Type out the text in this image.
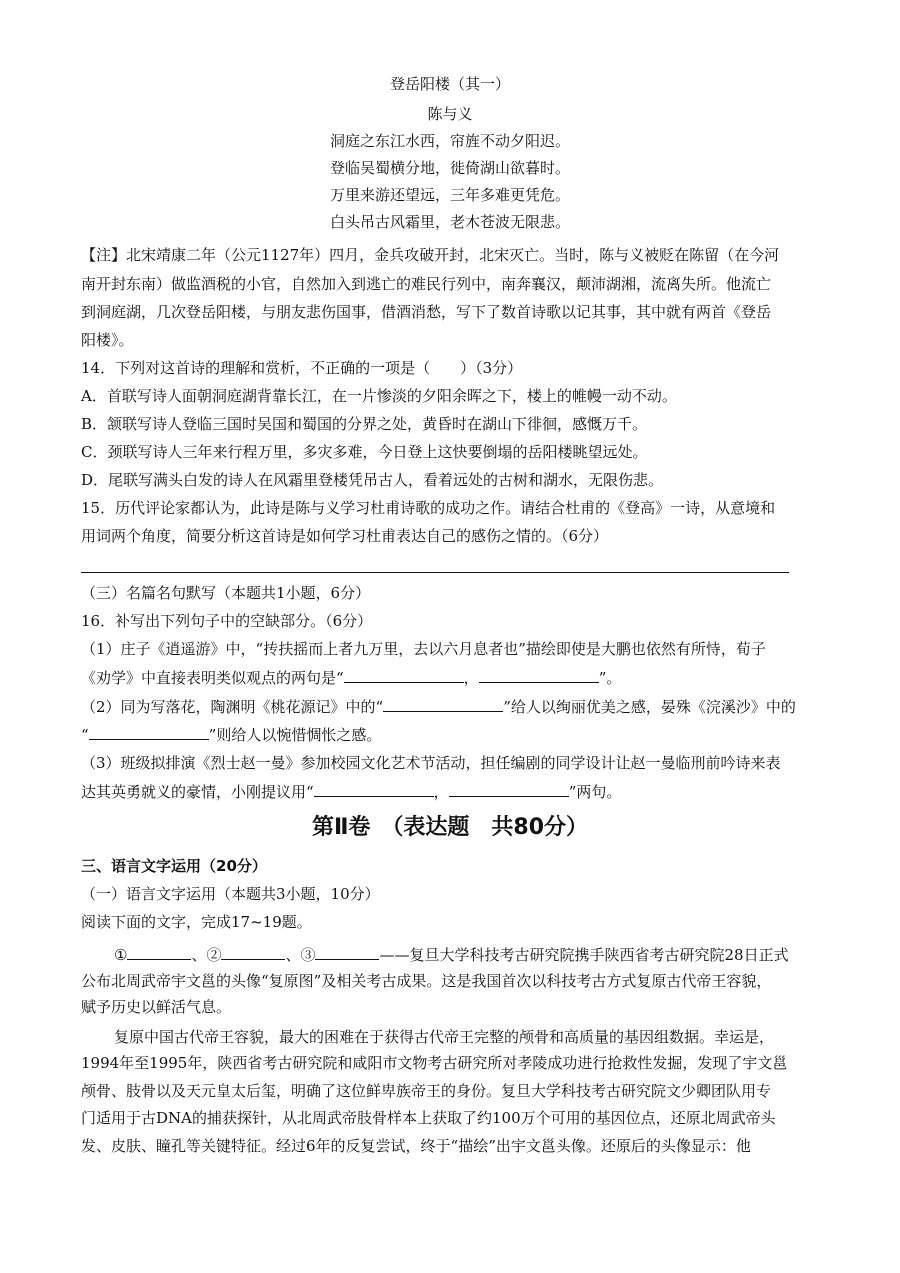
登岳阳楼（其一）
陈与义
洞庭之东江水西，帘旌不动夕阳迟。
登临吴蜀横分地，徙倚湖山欲暮时。
万里来游还望远，三年多难更凭危。
白头吊古风霜里，老木苍波无限悲。
【注】北宋靖康二年（公元1127年）四月，金兵攻破开封，北宋灭亡。当时，陈与义被贬在陈留（在今河
南开封东南）做监酒税的小官，自然加入到逃亡的难民行列中，南奔襄汉，颠沛湖湘，流离失所。他流亡
到洞庭湖，几次登岳阳楼，与朋友悲伤国事，借酒消愁，写下了数首诗歌以记其事，其中就有两首《登岳
阳楼》。
14．下列对这首诗的理解和赏析，不正确的一项是（　　）（3分）
A．首联写诗人面朝洞庭湖背靠长江，在一片惨淡的夕阳余晖之下，楼上的帷幔一动不动。
B．颔联写诗人登临三国时吴国和蜀国的分界之处，黄昏时在湖山下徘徊，感慨万千。
C．颈联写诗人三年来行程万里，多灾多难，今日登上这快要倒塌的岳阳楼眺望远处。
D．尾联写满头白发的诗人在风霜里登楼凭吊古人，看着远处的古树和湖水，无限伤悲。
15．历代评论家都认为，此诗是陈与义学习杜甫诗歌的成功之作。请结合杜甫的《登高》一诗，从意境和
用词两个角度，简要分析这首诗是如何学习杜甫表达自己的感伤之情的。（6分）
（三）名篇名句默写（本题共1小题，6分）
16．补写出下列句子中的空缺部分。（6分）
（1）庄子《逍遥游》中，“抟扶摇而上者九万里，去以六月息者也”描绘即使是大鹏也依然有所恃，荀子
《劝学》中直接表明类似观点的两句是“	，	”。
（2）同为写落花，陶渊明《桃花源记》中的“	”给人以绚丽优美之感，晏殊《浣溪沙》中的
“	”则给人以惋惜惆怅之感。
（3）班级拟排演《烈士赵一曼》参加校园文化艺术节活动，担任编剧的同学设计让赵一曼临刑前吟诗来表
达其英勇就义的豪情，小刚提议用“	，	”两句。
第Ⅱ卷　（表达题　共80分）
三、语言文字运用（20分）
（一）语言文字运用（本题共3小题，10分）
阅读下面的文字，完成17~19题。
①	、②	、③	——复旦大学科技考古研究院携手陕西省考古研究院28日正式
公布北周武帝宇文邕的头像“复原图”及相关考古成果。这是我国首次以科技考古方式复原古代帝王容貌，
赋予历史以鲜活气息。
复原中国古代帝王容貌，最大的困难在于获得古代帝王完整的颅骨和高质量的基因组数据。幸运是，
1994年至1995年，陕西省考古研究院和咸阳市文物考古研究所对孝陵成功进行抢救性发掘，发现了宇文邕
颅骨、肢骨以及天元皇太后玺，明确了这位鲜卑族帝王的身份。复旦大学科技考古研究院文少卿团队用专
门适用于古DNA的捕获探针，从北周武帝肢骨样本上获取了约100万个可用的基因位点，还原北周武帝头
发、皮肤、瞳孔等关键特征。经过6年的反复尝试，终于“描绘”出宇文邕头像。还原后的头像显示：他
